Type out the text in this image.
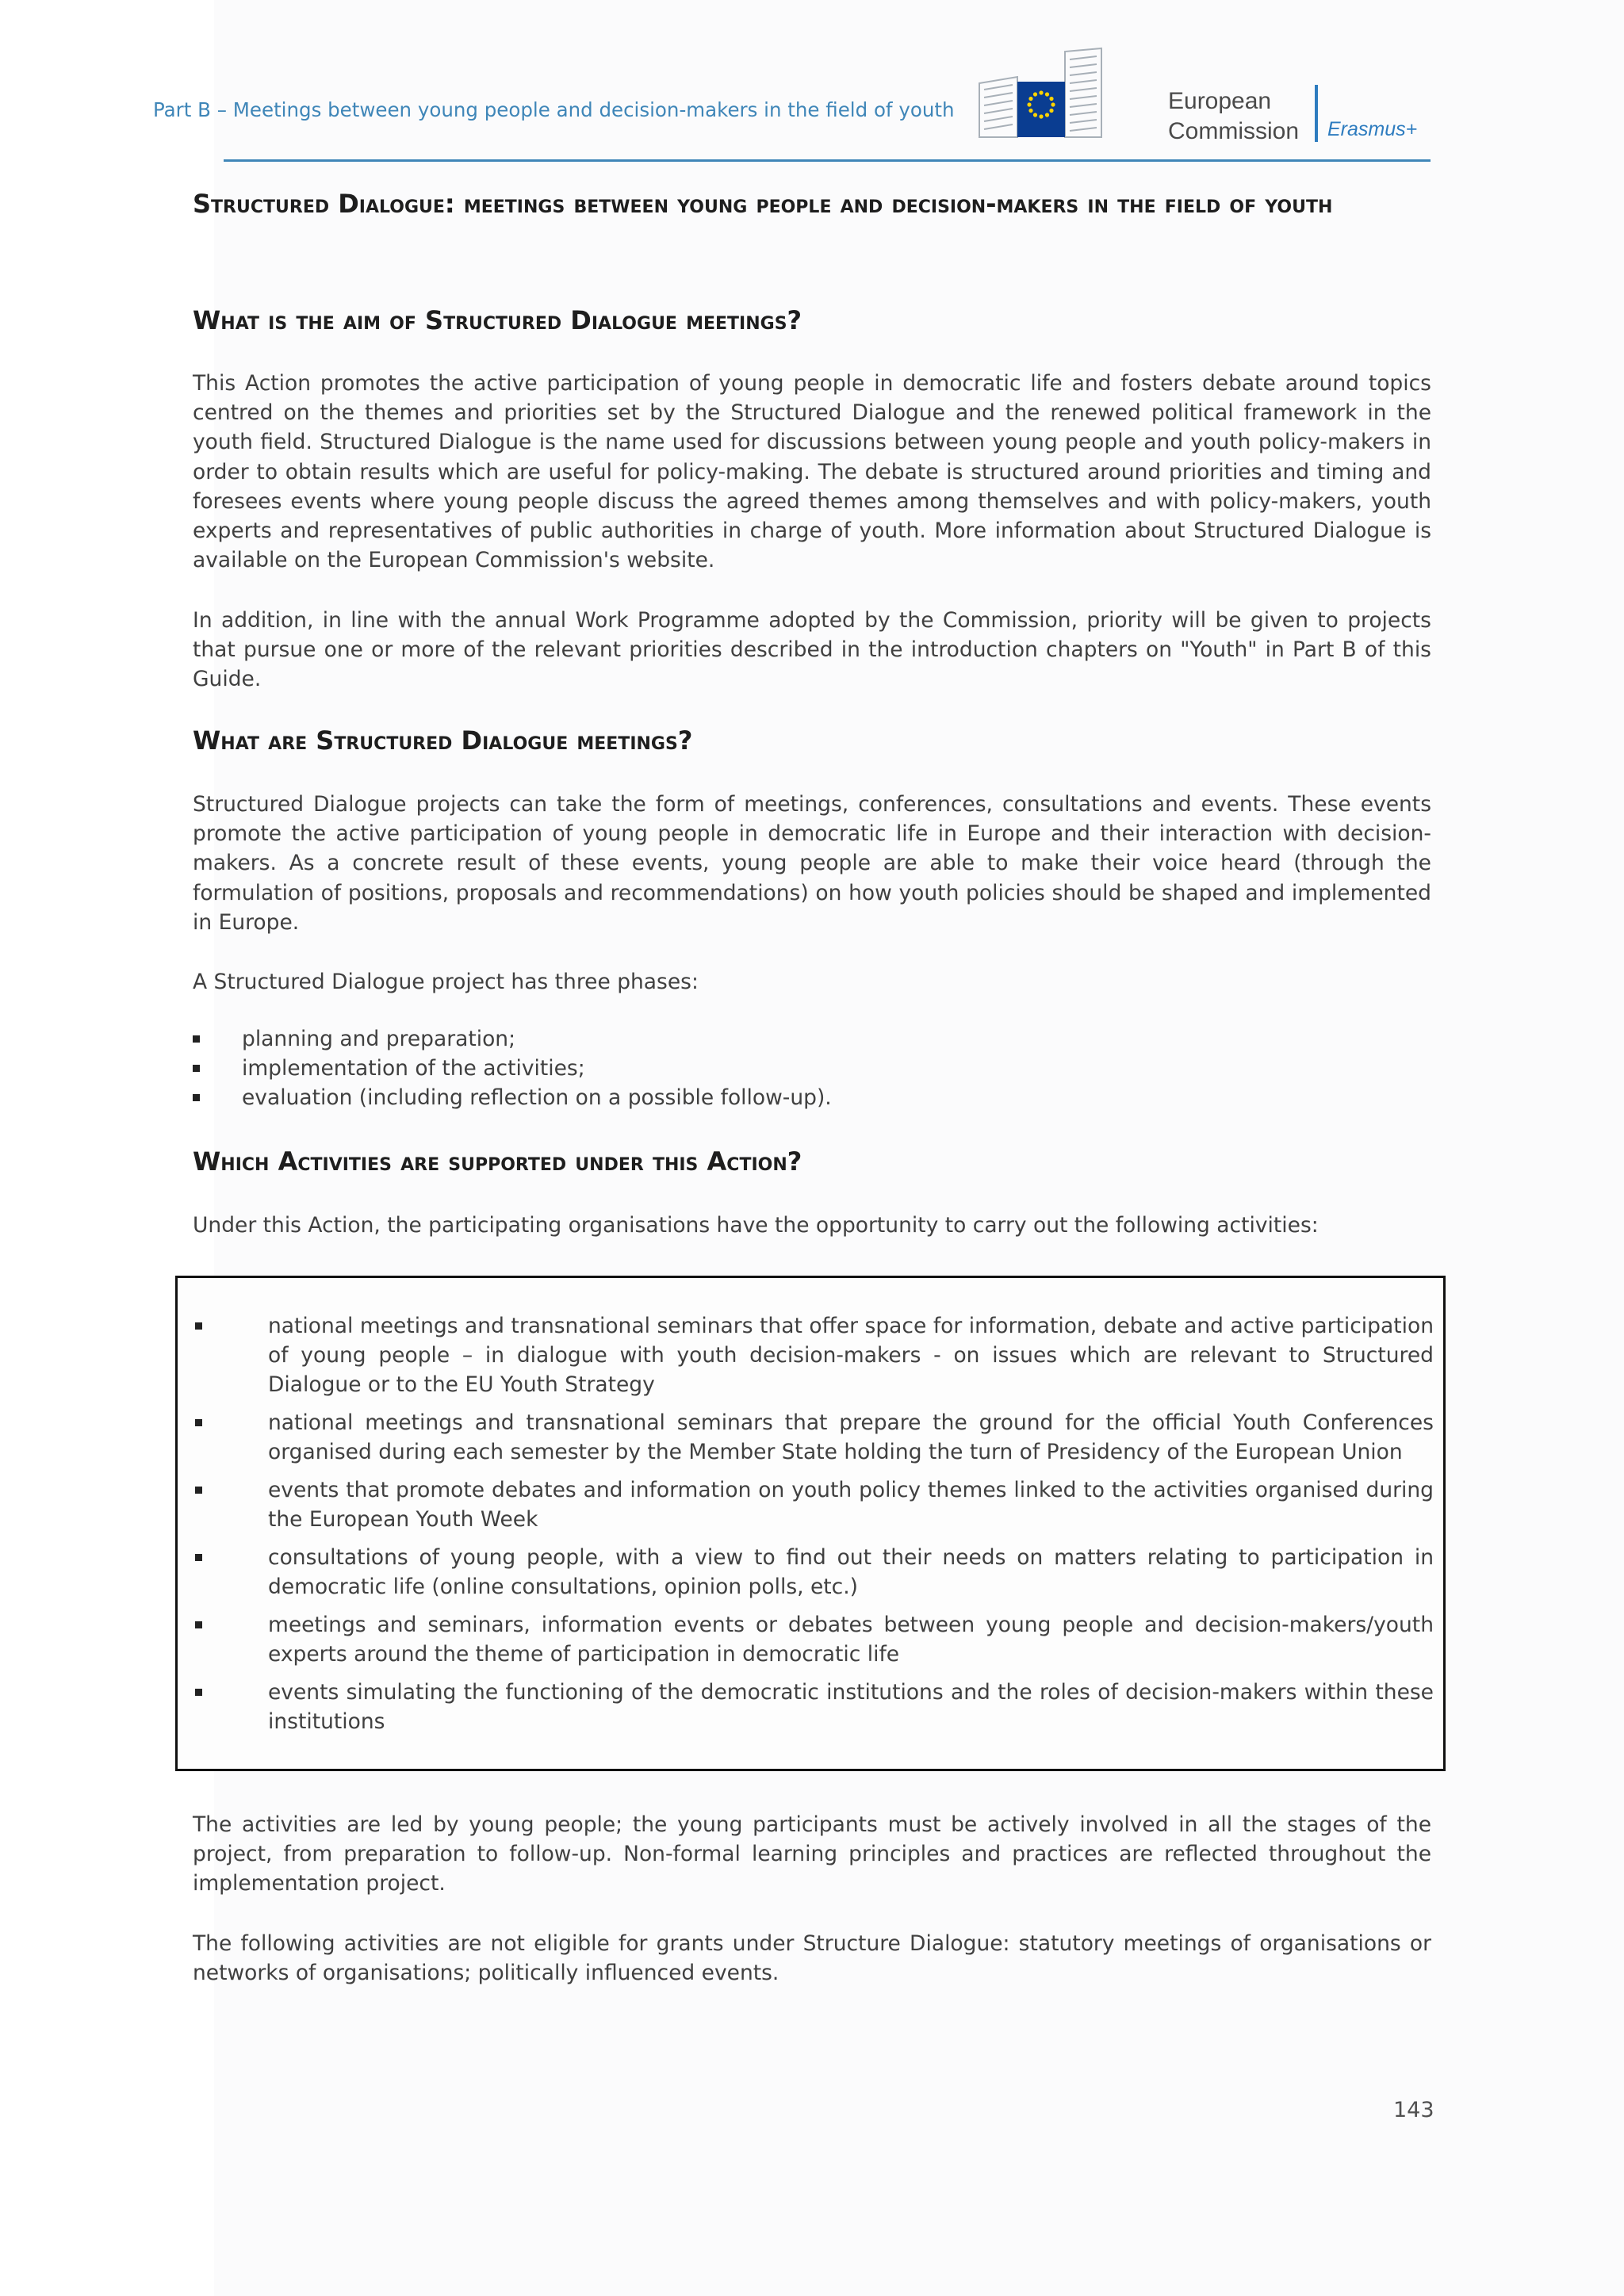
Part B – Meetings between young people and decision-makers in the field of youth	European
Commission Erasmus+
Structured Dialogue: meetings between young people and decision-makers in the field of youth
What is the aim of Structured Dialogue meetings?

This Action promotes the active participation of young people in democratic life and fosters debate around topics centred on the themes and priorities set by the Structured Dialogue and the renewed political framework in the youth field. Structured Dialogue is the name used for discussions between young people and youth policy-makers in order to obtain results which are useful for policy-making. The debate is structured around priorities and timing and foresees events where young people discuss the agreed themes among themselves and with policy-makers, youth experts and representatives of public authorities in charge of youth. More information about Structured Dialogue is available on the European Commission's website.

In addition, in line with the annual Work Programme adopted by the Commission, priority will be given to projects that pursue one or more of the relevant priorities described in the introduction chapters on "Youth" in Part B of this Guide.

What are Structured Dialogue meetings?

Structured Dialogue projects can take the form of meetings, conferences, consultations and events. These events promote the active participation of young people in democratic life in Europe and their interaction with decision-makers. As a concrete result of these events, young people are able to make their voice heard (through the formulation of positions, proposals and recommendations) on how youth policies should be shaped and implemented in Europe.

A Structured Dialogue project has three phases:

planning and preparation;
implementation of the activities;
evaluation (including reflection on a possible follow-up).
Which Activities are supported under this Action?

Under this Action, the participating organisations have the opportunity to carry out the following activities:

national meetings and transnational seminars that offer space for information, debate and active participation of young people – in dialogue with youth decision-makers - on issues which are relevant to Structured Dialogue or to the EU Youth Strategy
national meetings and transnational seminars that prepare the ground for the official Youth Conferences organised during each semester by the Member State holding the turn of Presidency of the European Union
events that promote debates and information on youth policy themes linked to the activities organised during the European Youth Week
consultations of young people, with a view to find out their needs on matters relating to participation in democratic life (online consultations, opinion polls, etc.)
meetings and seminars, information events or debates between young people and decision-makers/youth experts around the theme of participation in democratic life
events simulating the functioning of the democratic institutions and the roles of decision-makers within these institutions

The activities are led by young people; the young participants must be actively involved in all the stages of the project, from preparation to follow-up. Non-formal learning principles and practices are reflected throughout the implementation project.

The following activities are not eligible for grants under Structure Dialogue: statutory meetings of organisations or networks of organisations; politically influenced events.

143
